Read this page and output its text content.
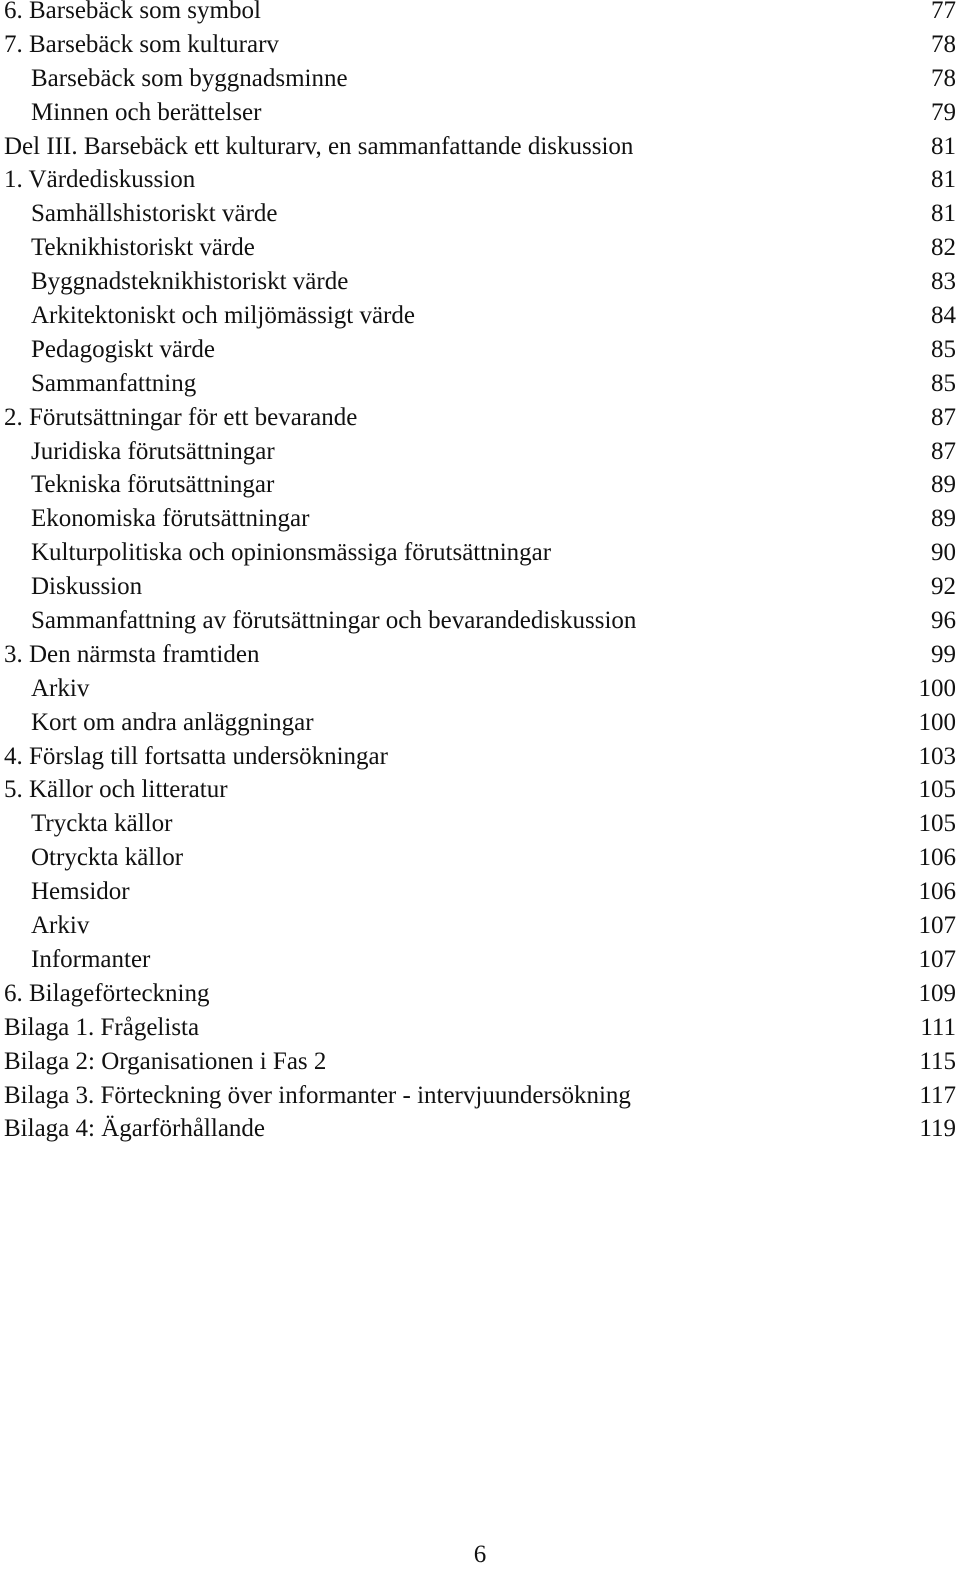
6. Barsebäck som symbol	77
7. Barsebäck som kulturarv	78
Barsebäck som byggnadsminne	78
Minnen och berättelser	79
Del III. Barsebäck ett kulturarv, en sammanfattande diskussion	81
1. Värdediskussion	81
Samhällshistoriskt värde	81
Teknikhistoriskt värde	82
Byggnadsteknikhistoriskt värde	83
Arkitektoniskt och miljömässigt värde	84
Pedagogiskt värde	85
Sammanfattning	85
2. Förutsättningar för ett bevarande	87
Juridiska förutsättningar	87
Tekniska förutsättningar	89
Ekonomiska förutsättningar	89
Kulturpolitiska och opinionsmässiga förutsättningar	90
Diskussion	92
Sammanfattning av förutsättningar och bevarandediskussion	96
3. Den närmsta framtiden	99
Arkiv	100
Kort om andra anläggningar	100
4. Förslag till fortsatta undersökningar	103
5. Källor och litteratur	105
Tryckta källor	105
Otryckta källor	106
Hemsidor	106
Arkiv	107
Informanter	107
6. Bilageförteckning	109
Bilaga 1. Frågelista	111
Bilaga 2: Organisationen i Fas 2	115
Bilaga 3. Förteckning över informanter - intervjuundersökning	117
Bilaga 4: Ägarförhållande	119
6
